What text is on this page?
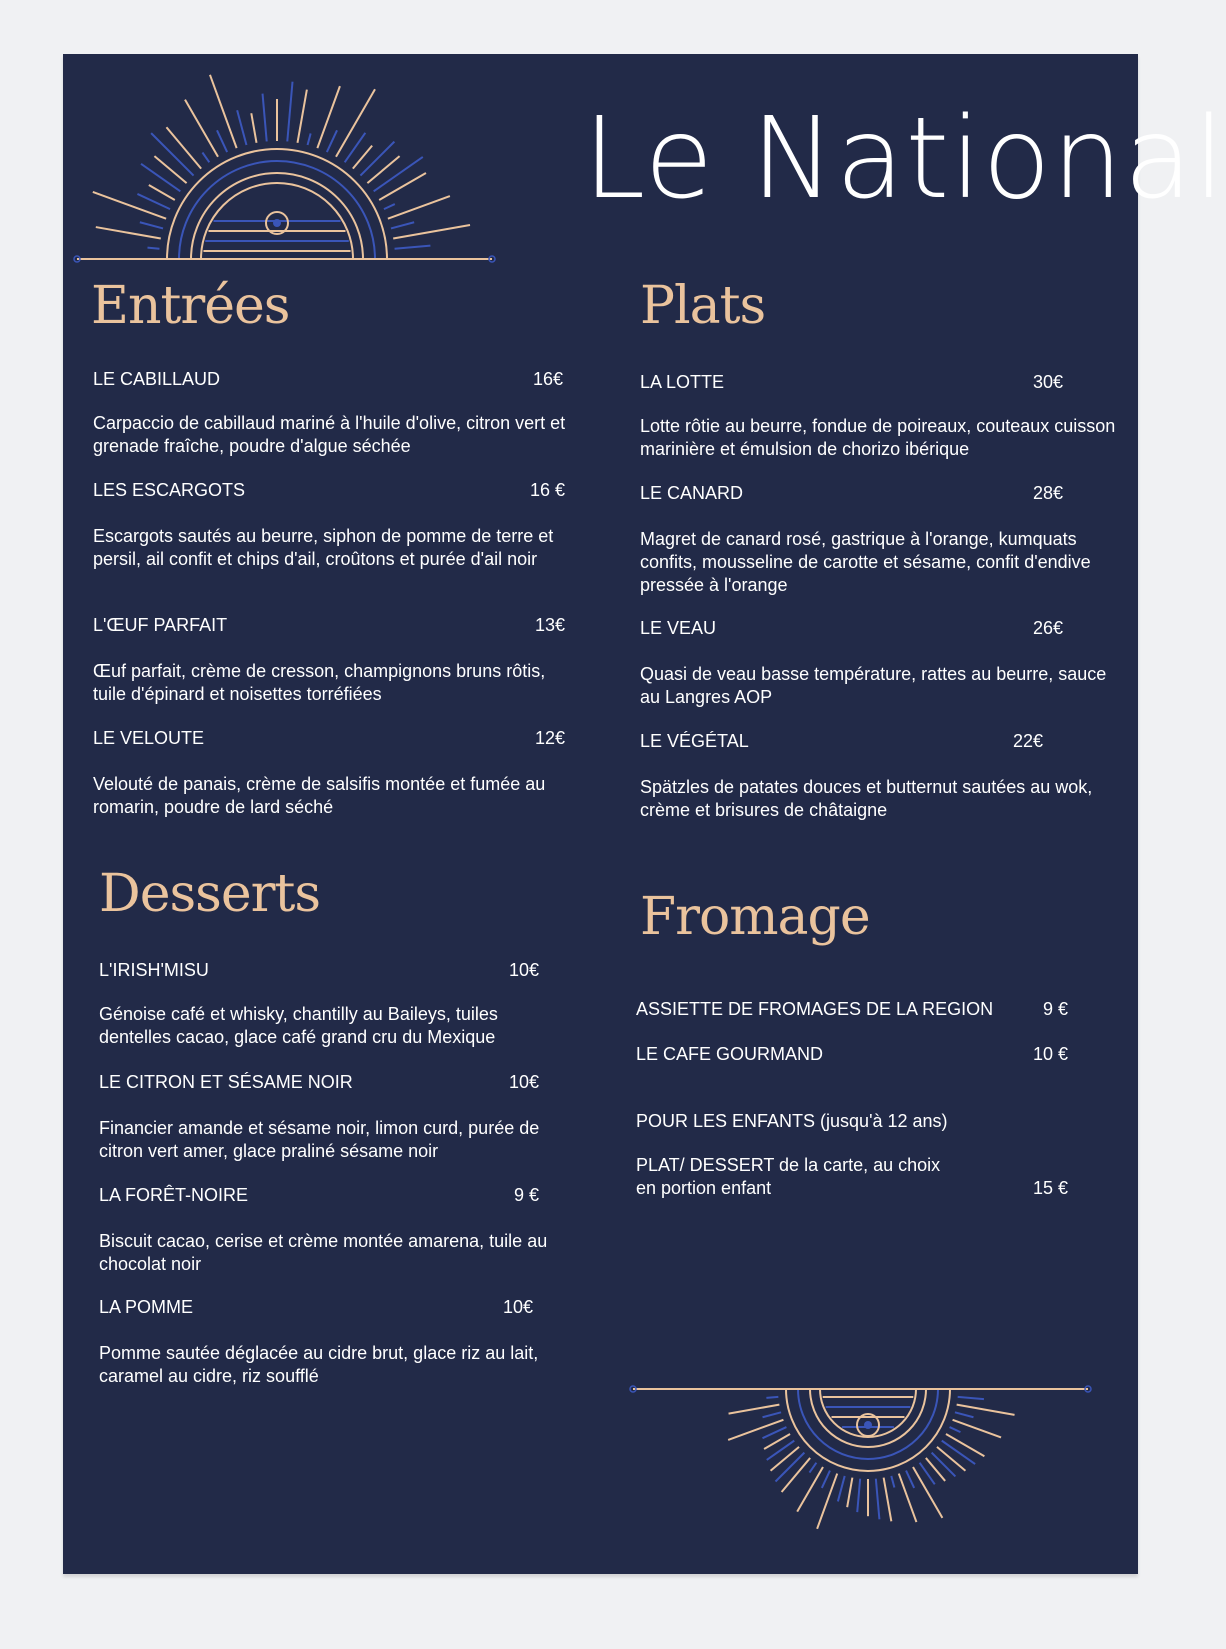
Le National
Entrées
LE CABILLAUD	16€
Carpaccio de cabillaud mariné à l'huile d'olive, citron vert et grenade fraîche, poudre d'algue séchée
LES ESCARGOTS	16 €
Escargots sautés au beurre, siphon de pomme de terre et persil, ail confit et chips d'ail, croûtons et purée d'ail noir
L'ŒUF PARFAIT	13€
Œuf parfait, crème de cresson, champignons bruns rôtis, tuile d'épinard et noisettes torréfiées
LE VELOUTE	12€
Velouté de panais, crème de salsifis montée et fumée au romarin, poudre de lard séché
Plats
LA LOTTE	30€
Lotte rôtie au beurre, fondue de poireaux, couteaux cuisson marinière et émulsion de chorizo ibérique
LE CANARD	28€
Magret de canard rosé, gastrique à l'orange, kumquats confits, mousseline de carotte et sésame, confit d'endive pressée à l'orange
LE VEAU	26€
Quasi de veau basse température, rattes au beurre, sauce au Langres AOP
LE VÉGÉTAL	22€
Spätzles de patates douces et butternut sautées au wok, crème et brisures de châtaigne
Desserts
L'IRISH'MISU	10€
Génoise café et whisky, chantilly au Baileys, tuiles dentelles cacao, glace café grand cru du Mexique
LE CITRON ET SÉSAME NOIR	10€
Financier amande et sésame noir, limon curd, purée de citron vert amer, glace praliné sésame noir
LA FORÊT-NOIRE	9 €
Biscuit cacao, cerise et crème montée amarena, tuile au chocolat noir
LA POMME	10€
Pomme sautée déglacée au cidre brut, glace riz au lait, caramel au cidre, riz soufflé
Fromage
ASSIETTE DE FROMAGES DE LA REGION	9 €
LE CAFE GOURMAND	10 €
POUR LES ENFANTS (jusqu'à 12 ans)
PLAT/ DESSERT de la carte, au choix
en portion enfant	15 €
